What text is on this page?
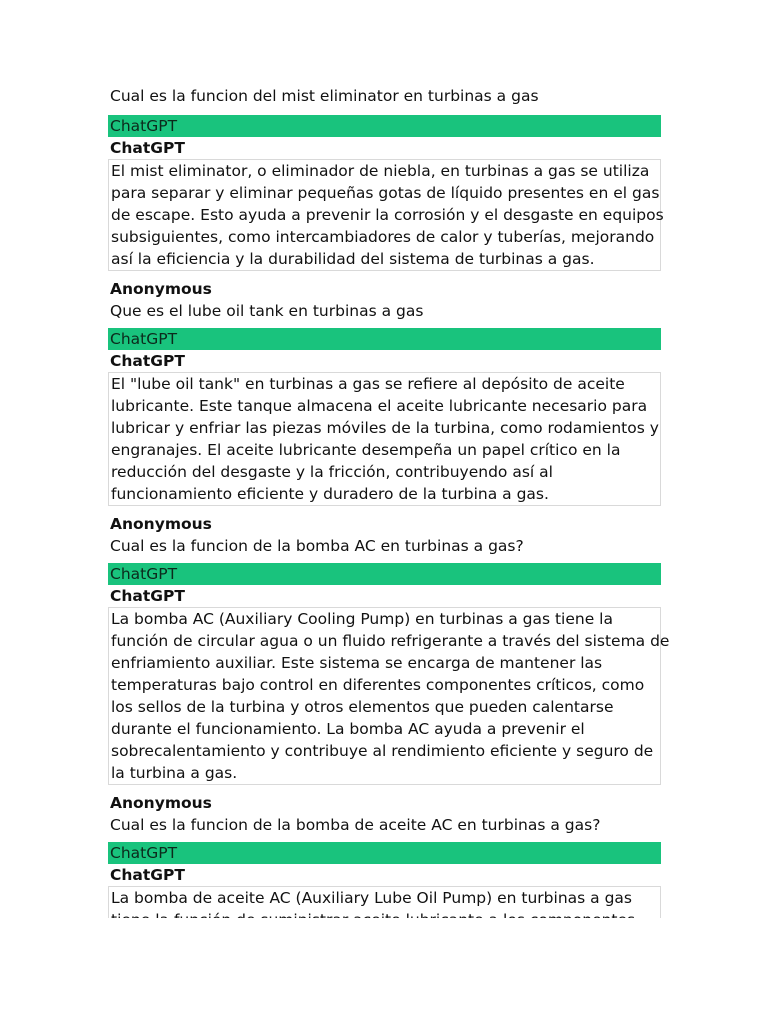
Cual es la funcion del mist eliminator en turbinas a gas
ChatGPT
ChatGPT
El mist eliminator, o eliminador de niebla, en turbinas a gas se utiliza
para separar y eliminar pequeñas gotas de líquido presentes en el gas
de escape. Esto ayuda a prevenir la corrosión y el desgaste en equipos
subsiguientes, como intercambiadores de calor y tuberías, mejorando
así la eficiencia y la durabilidad del sistema de turbinas a gas.
Anonymous
Que es el lube oil tank en turbinas a gas
ChatGPT
ChatGPT
El "lube oil tank" en turbinas a gas se refiere al depósito de aceite
lubricante. Este tanque almacena el aceite lubricante necesario para
lubricar y enfriar las piezas móviles de la turbina, como rodamientos y
engranajes. El aceite lubricante desempeña un papel crítico en la
reducción del desgaste y la fricción, contribuyendo así al
funcionamiento eficiente y duradero de la turbina a gas.
Anonymous
Cual es la funcion de la bomba AC en turbinas a gas?
ChatGPT
ChatGPT
La bomba AC (Auxiliary Cooling Pump) en turbinas a gas tiene la
función de circular agua o un fluido refrigerante a través del sistema de
enfriamiento auxiliar. Este sistema se encarga de mantener las
temperaturas bajo control en diferentes componentes críticos, como
los sellos de la turbina y otros elementos que pueden calentarse
durante el funcionamiento. La bomba AC ayuda a prevenir el
sobrecalentamiento y contribuye al rendimiento eficiente y seguro de
la turbina a gas.
Anonymous
Cual es la funcion de la bomba de aceite AC en turbinas a gas?
ChatGPT
ChatGPT
La bomba de aceite AC (Auxiliary Lube Oil Pump) en turbinas a gas
